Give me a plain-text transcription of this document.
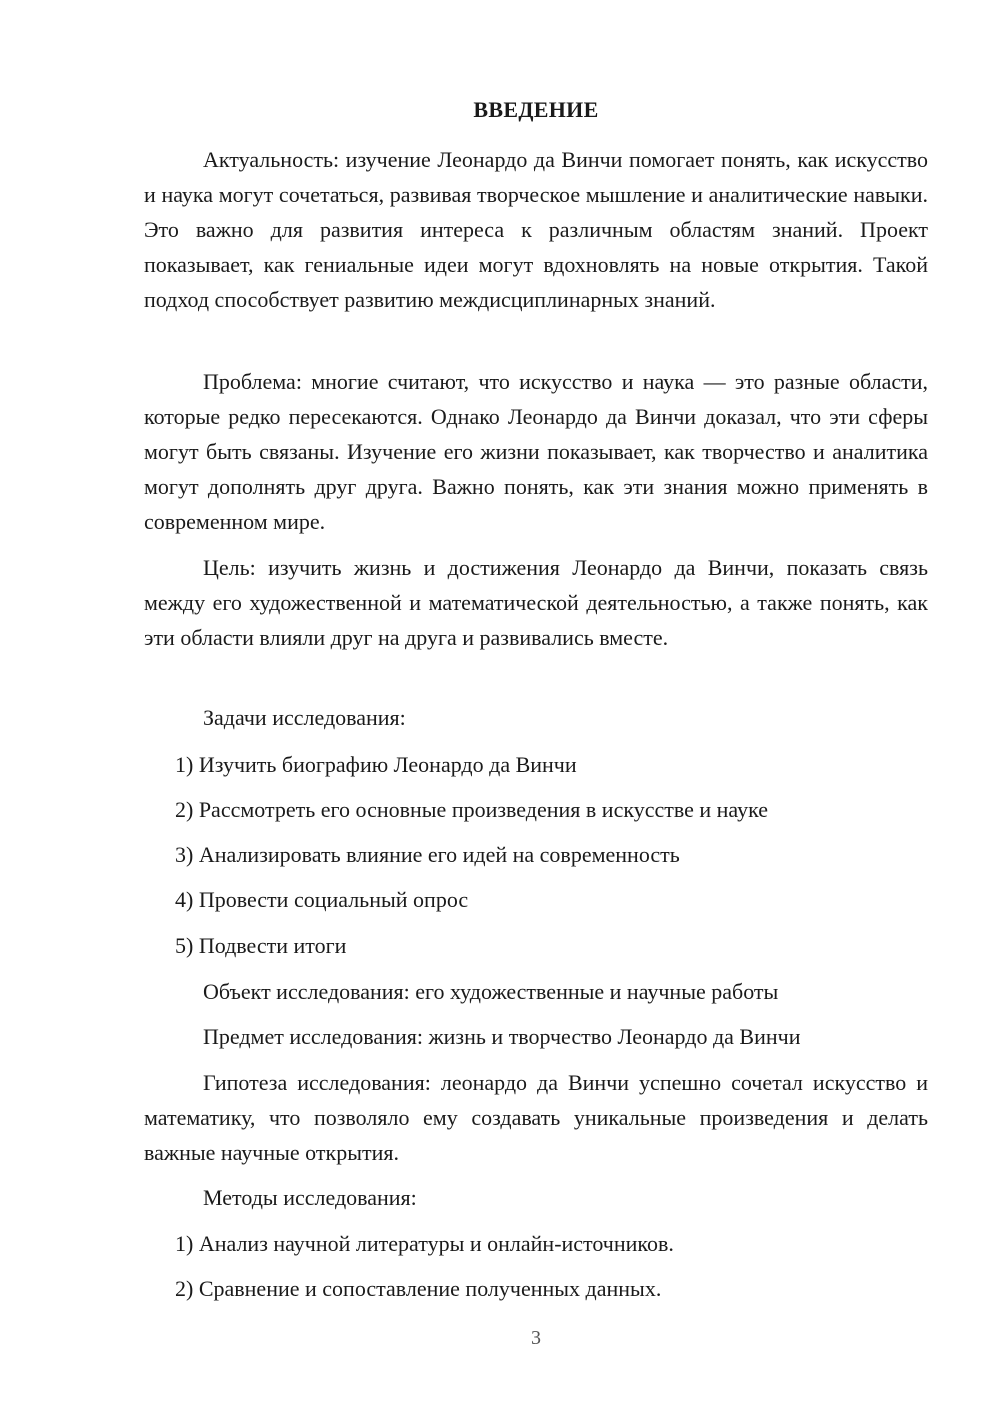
ВВЕДЕНИЕ

Актуальность: изучение Леонардо да Винчи помогает понять, как искусство и наука могут сочетаться, развивая творческое мышление и аналитические навыки. Это важно для развития интереса к различным областям знаний. Проект показывает, как гениальные идеи могут вдохновлять на новые открытия. Такой подход способствует развитию междисциплинарных знаний.

Проблема: многие считают, что искусство и наука — это разные области, которые редко пересекаются. Однако Леонардо да Винчи доказал, что эти сферы могут быть связаны. Изучение его жизни показывает, как творчество и аналитика могут дополнять друг друга. Важно понять, как эти знания можно применять в современном мире.

Цель: изучить жизнь и достижения Леонардо да Винчи, показать связь между его художественной и математической деятельностью, а также понять, как эти области влияли друг на друга и развивались вместе.

Задачи исследования:
1) Изучить биографию Леонардо да Винчи
2) Рассмотреть его основные произведения в искусстве и науке
3) Анализировать влияние его идей на современность
4) Провести социальный опрос
5) Подвести итоги
Объект исследования: его художественные и научные работы
Предмет исследования: жизнь и творчество Леонардо да Винчи

Гипотеза исследования: леонардо да Винчи успешно сочетал искусство и математику, что позволяло ему создавать уникальные произведения и делать важные научные открытия.

Методы исследования:
1) Анализ научной литературы и онлайн-источников.
2) Сравнение и сопоставление полученных данных.
3
